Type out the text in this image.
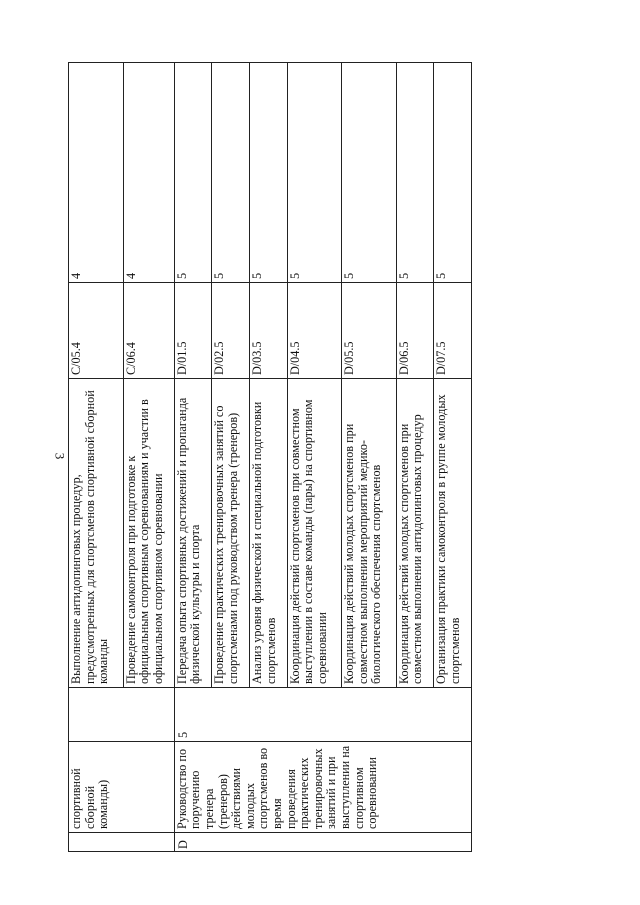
3
	спортивной сборной команды)		Выполнение антидопинговых процедур, предусмотренных для спортсменов спортивной сборной команды	C/05.4	4
			Проведение самоконтроля при подготовке к официальным спортивным соревнованиям и участии в официальном спортивном соревновании	C/06.4	4
D	Руководство по поручению тренера (тренеров) действиями молодых спортсменов во время проведения практических тренировочных занятий и при выступлении на спортивном соревновании	5	Передача опыта спортивных достижений и пропаганда физической культуры и спорта	D/01.5	5
			Проведение практических тренировочных занятий со спортсменами под руководством тренера (тренеров)	D/02.5	5
			Анализ уровня физической и специальной подготовки спортсменов	D/03.5	5
			Координация действий спортсменов при совместном выступлении в составе команды (пары) на спортивном соревновании	D/04.5	5
			Координация действий молодых спортсменов при совместном выполнении мероприятий медико-биологического обеспечения спортсменов	D/05.5	5
			Координация действий молодых спортсменов при совместном выполнении антидопинговых процедур	D/06.5	5
			Организация практики самоконтроля в группе молодых спортсменов	D/07.5	5
